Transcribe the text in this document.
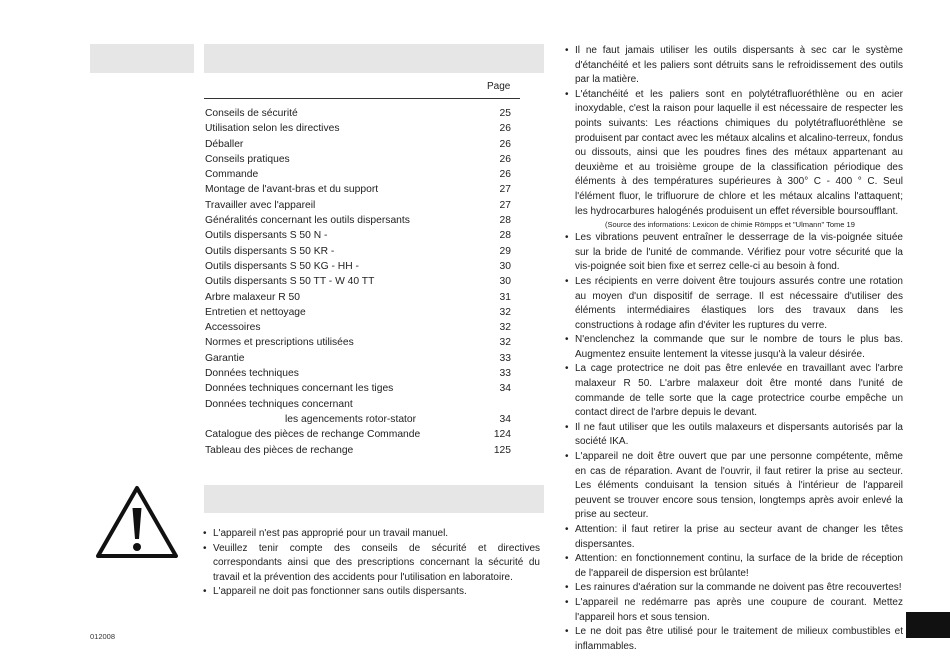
Page
Conseils de sécurité	25
Utilisation selon les directives	26
Déballer	26
Conseils pratiques	26
Commande	26
Montage de l'avant-bras et du support	27
Travailler avec l'appareil	27
Généralités concernant les outils dispersants	28
Outils dispersants S 50 N -	28
Outils dispersants S 50 KR -	29
Outils dispersants S 50 KG - HH -	30
Outils dispersants S 50 TT - W 40 TT	30
Arbre malaxeur R 50	31
Entretien et nettoyage	32
Accessoires	32
Normes et prescriptions utilisées	32
Garantie	33
Données techniques	33
Données techniques concernant les tiges	34
Données techniques concernant
les agencements rotor-stator	34
Catalogue des pièces de rechange Commande	124
Tableau des pièces de rechange	125
• L'appareil n'est pas approprié pour un travail manuel.
• Veuillez tenir compte des conseils de sécurité et directives correspondants ainsi que des prescriptions concernant la sécurité du travail et la prévention des accidents pour l'utilisation en laboratoire.
• L'appareil ne doit pas fonctionner sans outils dispersants.
• Il ne faut jamais utiliser les outils dispersants à sec car le système d'étanchéité et les paliers sont détruits sans le refroidissement des outils par la matière.
• L'étanchéité et les paliers sont en polytétrafluoréthlène ou en acier inoxydable, c'est la raison pour laquelle il est nécessaire de respecter les points suivants: Les réactions chimiques du polytétrafluoréthlène se produisent par contact avec les métaux alcalins et alcalino-terreux, fondus ou dissouts, ainsi que les poudres fines des métaux appartenant au deuxième et au troisième groupe de la classification périodique des éléments à des températures supérieures à 300° C - 400 ° C. Seul l'élément fluor, le trifluorure de chlore et les métaux alcalins l'attaquent; les hydrocarbures halogénés produisent un effet réversible boursoufflant.
(Source des informations: Lexicon de chimie Römpps et "Ulmann" Tome 19
• Les vibrations peuvent entraîner le desserrage de la vis-poignée située sur la bride de l'unité de commande. Vérifiez pour votre sécurité que la vis-poignée soit bien fixe et serrez celle-ci au besoin à fond.
• Les récipients en verre doivent être toujours assurés contre une rotation au moyen d'un dispositif de serrage. Il est nécessaire d'utiliser des éléments intermédiaires élastiques lors des travaux dans les constructions à rodage afin d'éviter les ruptures du verre.
• N'enclenchez la commande que sur le nombre de tours le plus bas. Augmentez ensuite lentement la vitesse jusqu'à la valeur désirée.
• La cage protectrice ne doit pas être enlevée en travaillant avec l'arbre malaxeur R 50. L'arbre malaxeur doit être monté dans l'unité de commande de telle sorte que la cage protectrice courbe empêche un contact direct de l'arbre depuis le devant.
• Il ne faut utiliser que les outils malaxeurs et dispersants autorisés par la société IKA.
• L'appareil ne doit être ouvert que par une personne compétente, même en cas de réparation. Avant de l'ouvrir, il faut retirer la prise au secteur. Les éléments conduisant la tension situés à l'intérieur de l'appareil peuvent se trouver encore sous tension, longtemps après avoir enlevé la prise au secteur.
• Attention: il faut retirer la prise au secteur avant de changer les têtes dispersantes.
• Attention: en fonctionnement continu, la surface de la bride de réception de l'appareil de dispersion est brûlante!
• Les rainures d'aération sur la commande ne doivent pas être recouvertes!
• L'appareil ne redémarre pas après une coupure de courant. Mettez l'appareil hors et sous tension.
• Le ne doit pas être utilisé pour le traitement de milieux combustibles et inflammables.
012008
